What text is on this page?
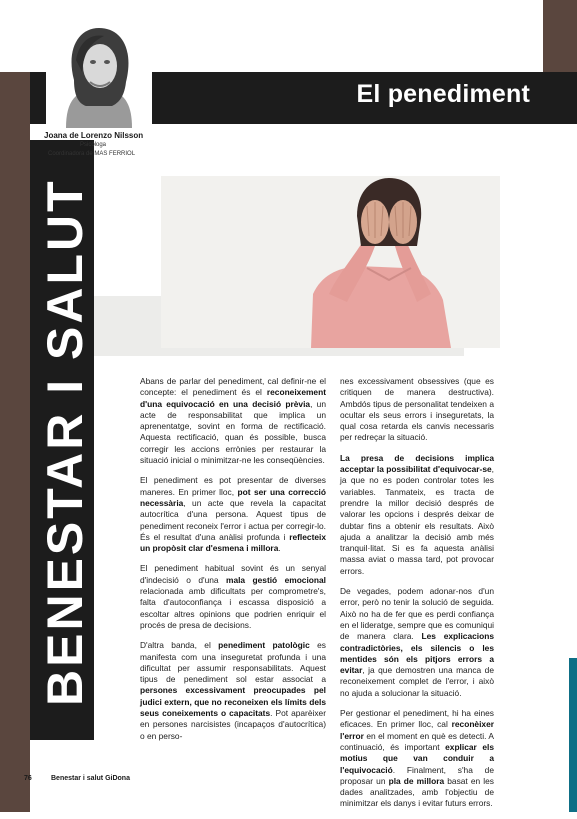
El penediment
BENESTAR I SALUT
Joana de Lorenzo Nilsson
Psicòloga
Coordinadora de MAS FERRIOL

Abans de parlar del penediment, cal definir-ne el concepte: el penediment és el reconeixement d'una equivocació en una decisió prèvia, un acte de responsabilitat que implica un aprenentatge, sovint en forma de rectificació. Aquesta rectificació, quan és possible, busca corregir les accions errònies per restaurar la situació inicial o minimitzar-ne les conseqüències.

El penediment es pot presentar de diverses maneres. En primer lloc, pot ser una correcció necessària, un acte que revela la capacitat autocrítica d'una persona. Aquest tipus de penediment reconeix l'error i actua per corregir-lo. És el resultat d'una anàlisi profunda i reflecteix un propòsit clar d'esmena i millora.

El penediment habitual sovint és un senyal d'indecisió o d'una mala gestió emocional relacionada amb dificultats per comprometre's, falta d'autoconfiança i escassa disposició a escoltar altres opinions que podrien enriquir el procés de presa de decisions.

D'altra banda, el penediment patològic es manifesta com una inseguretat profunda i una dificultat per assumir responsabilitats. Aquest tipus de penediment sol estar associat a persones excessivament preocupades pel judici extern, que no reconeixen els límits dels seus coneixements o capacitats. Pot aparèixer en persones narcisistes (incapaços d'autocrítica) o en perso-

nes excessivament obsessives (que es critiquen de manera destructiva). Ambdós tipus de personalitat tendeixen a ocultar els seus errors i inseguretats, la qual cosa retarda els canvis necessaris per redreçar la situació.

La presa de decisions implica acceptar la possibilitat d'equivocar-se, ja que no es poden controlar totes les variables. Tanmateix, es tracta de prendre la millor decisió després de valorar les opcions i després deixar de dubtar fins a obtenir els resultats. Això ajuda a analitzar la decisió amb més tranquil·litat. Si es fa aquesta anàlisi massa aviat o massa tard, pot provocar errors.

De vegades, podem adonar-nos d'un error, però no tenir la solució de seguida. Això no ha de fer que es perdi confiança en el lideratge, sempre que es comuniqui de manera clara. Les explicacions contradictòries, els silencis o les mentides són els pitjors errors a evitar, ja que demostren una manca de reconeixement complet de l'error, i això no ajuda a solucionar la situació.

Per gestionar el penediment, hi ha eines eficaces. En primer lloc, cal reconèixer l'error en el moment en què es detecti. A continuació, és important explicar els motius que van conduir a l'equivocació. Finalment, s'ha de proposar un pla de millora basat en les dades analitzades, amb l'objectiu de minimitzar els danys i evitar futurs errors.

76	Benestar i salut GiDona
